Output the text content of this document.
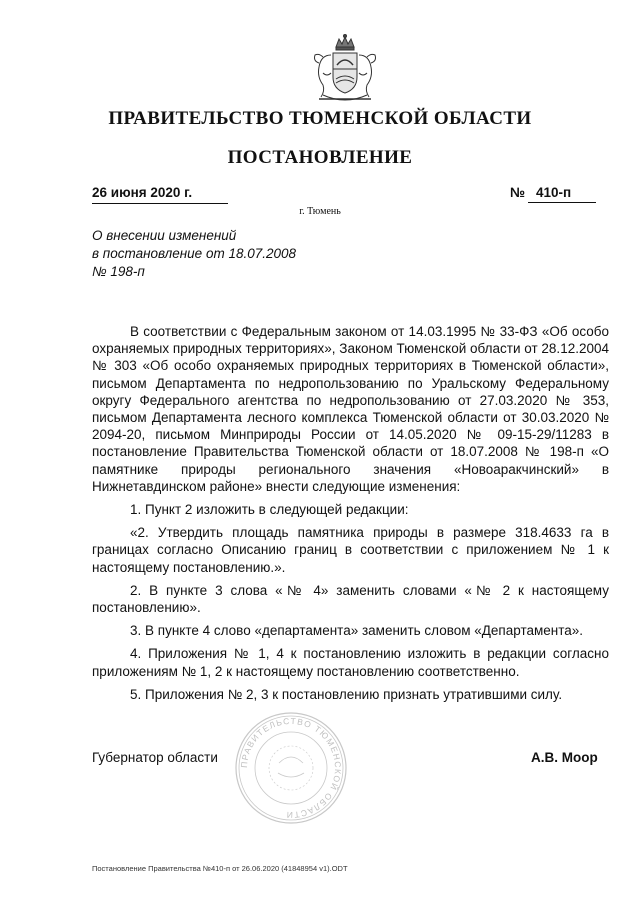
ПРАВИТЕЛЬСТВО ТЮМЕНСКОЙ ОБЛАСТИ
ПОСТАНОВЛЕНИЕ
26 июня 2020 г.	№ 410-п
г. Тюмень
О внесении изменений
в постановление от 18.07.2008
№ 198-п

В соответствии с Федеральным законом от 14.03.1995 № 33-ФЗ «Об особо охраняемых природных территориях», Законом Тюменской области от 28.12.2004 № 303 «Об особо охраняемых природных территориях в Тюменской области», письмом Департамента по недропользованию по Уральскому Федеральному округу Федерального агентства по недропользованию от 27.03.2020 № 353, письмом Департамента лесного комплекса Тюменской области от 30.03.2020 № 2094-20, письмом Минприроды России от 14.05.2020 № 09-15-29/11283 в постановление Правительства Тюменской области от 18.07.2008 № 198-п «О памятнике природы регионального значения «Новоаракчинский» в Нижнетавдинском районе» внести следующие изменения:

1. Пункт 2 изложить в следующей редакции:

«2. Утвердить площадь памятника природы в размере 318.4633 га в границах согласно Описанию границ в соответствии с приложением № 1 к настоящему постановлению.».

2. В пункте 3 слова «№ 4» заменить словами «№ 2 к настоящему постановлению».

3. В пункте 4 слово «департамента» заменить словом «Департамента».

4. Приложения № 1, 4 к постановлению изложить в редакции согласно приложениям № 1, 2 к настоящему постановлению соответственно.

5. Приложения № 2, 3 к постановлению признать утратившими силу.

ПРАВИТЕЛЬСТВО ТЮМЕНСКОЙ ОБЛАСТИ
Губернатор области	А.В. Моор
Постановление Правительства №410-п от 26.06.2020 (41848954 v1).ODT
